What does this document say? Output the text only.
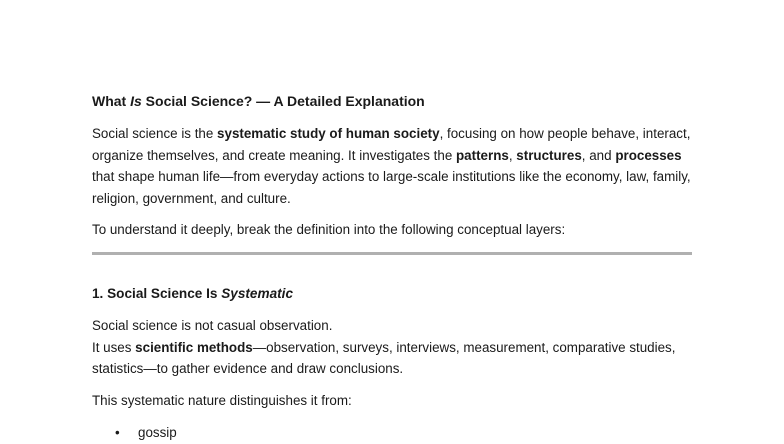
What Is Social Science? — A Detailed Explanation
Social science is the systematic study of human society, focusing on how people behave, interact, organize themselves, and create meaning. It investigates the patterns, structures, and processes that shape human life—from everyday actions to large-scale institutions like the economy, law, family, religion, government, and culture.
To understand it deeply, break the definition into the following conceptual layers:
1. Social Science Is Systematic
Social science is not casual observation.
It uses scientific methods—observation, surveys, interviews, measurement, comparative studies, statistics—to gather evidence and draw conclusions.
This systematic nature distinguishes it from:
• gossip
